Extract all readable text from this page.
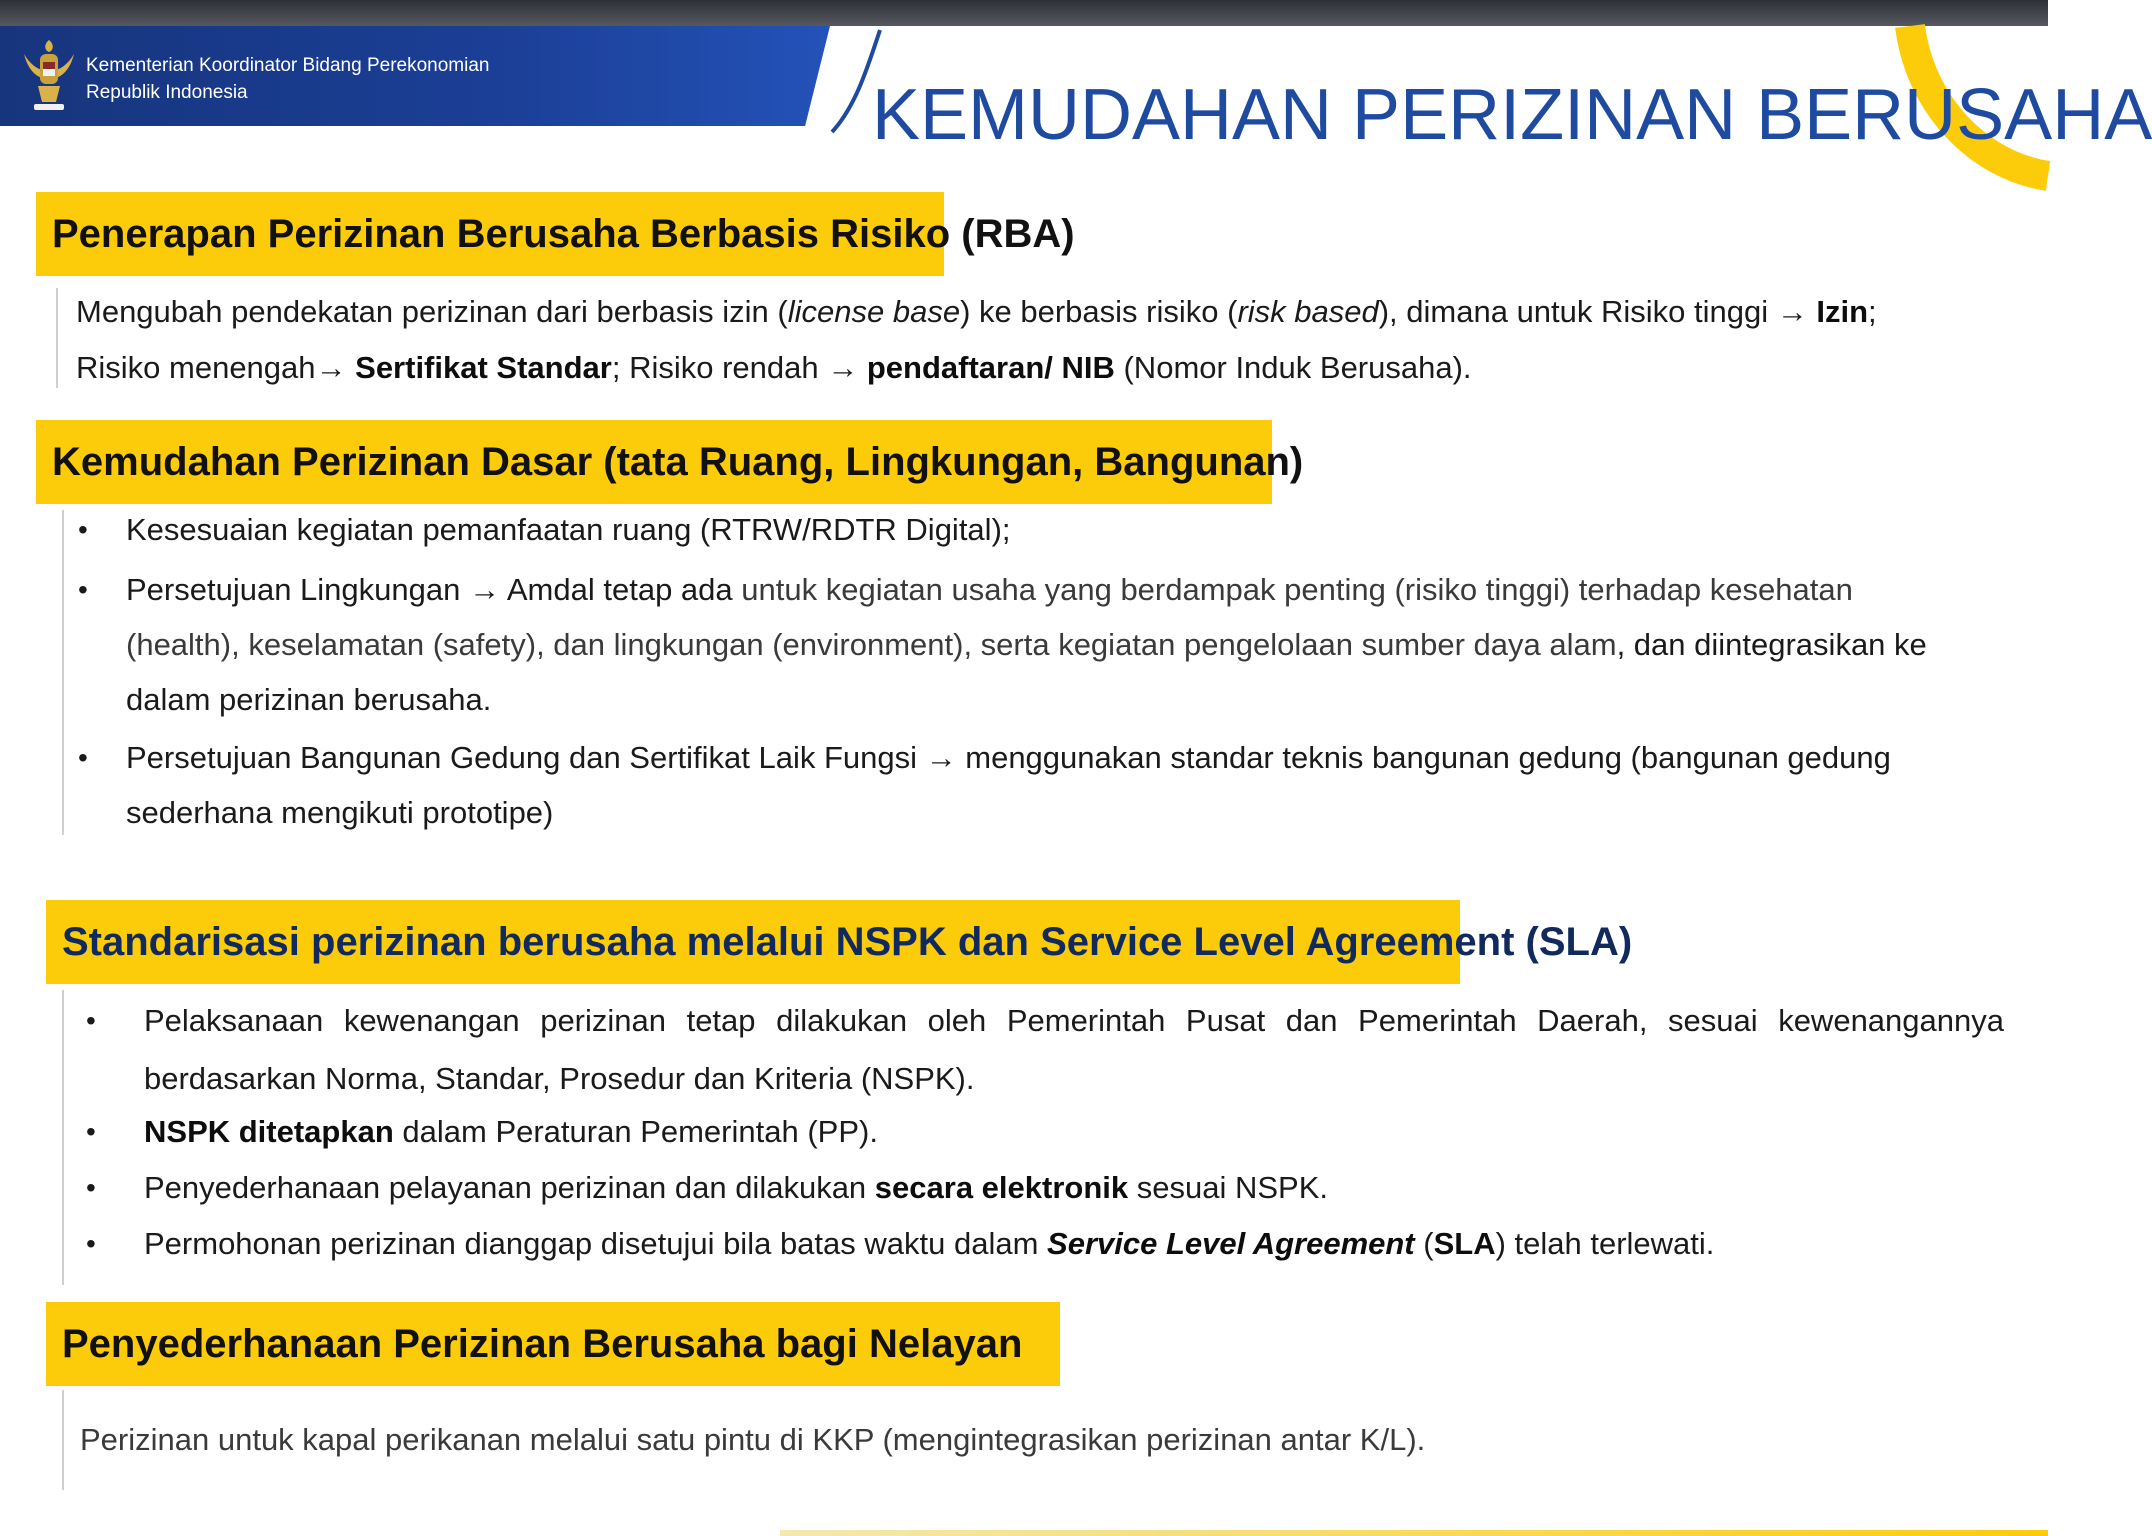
Kementerian Koordinator Bidang Perekonomian
Republik Indonesia	KEMUDAHAN PERIZINAN BERUSAHA
Penerapan Perizinan Berusaha Berbasis Risiko (RBA)
Mengubah pendekatan perizinan dari berbasis izin (license base) ke berbasis risiko (risk based), dimana untuk Risiko tinggi → Izin;
Risiko menengah→ Sertifikat Standar; Risiko rendah → pendaftaran/ NIB (Nomor Induk Berusaha).
Kemudahan Perizinan Dasar (tata Ruang, Lingkungan, Bangunan)
•	Kesesuaian kegiatan pemanfaatan ruang (RTRW/RDTR Digital);
•	Persetujuan Lingkungan → Amdal tetap ada untuk kegiatan usaha yang berdampak penting (risiko tinggi) terhadap kesehatan (health), keselamatan (safety), dan lingkungan (environment), serta kegiatan pengelolaan sumber daya alam, dan diintegrasikan ke dalam perizinan berusaha.
•	Persetujuan Bangunan Gedung dan Sertifikat Laik Fungsi → menggunakan standar teknis bangunan gedung (bangunan gedung sederhana mengikuti prototipe)
Standarisasi perizinan berusaha melalui NSPK dan Service Level Agreement (SLA)
•	Pelaksanaan kewenangan perizinan tetap dilakukan oleh Pemerintah Pusat dan Pemerintah Daerah, sesuai kewenangannya berdasarkan Norma, Standar, Prosedur dan Kriteria (NSPK).
•	NSPK ditetapkan dalam Peraturan Pemerintah (PP).
•	Penyederhanaan pelayanan perizinan dan dilakukan secara elektronik sesuai NSPK.
•	Permohonan perizinan dianggap disetujui bila batas waktu dalam Service Level Agreement (SLA) telah terlewati.
Penyederhanaan Perizinan Berusaha bagi Nelayan
Perizinan untuk kapal perikanan melalui satu pintu di KKP (mengintegrasikan perizinan antar K/L).
